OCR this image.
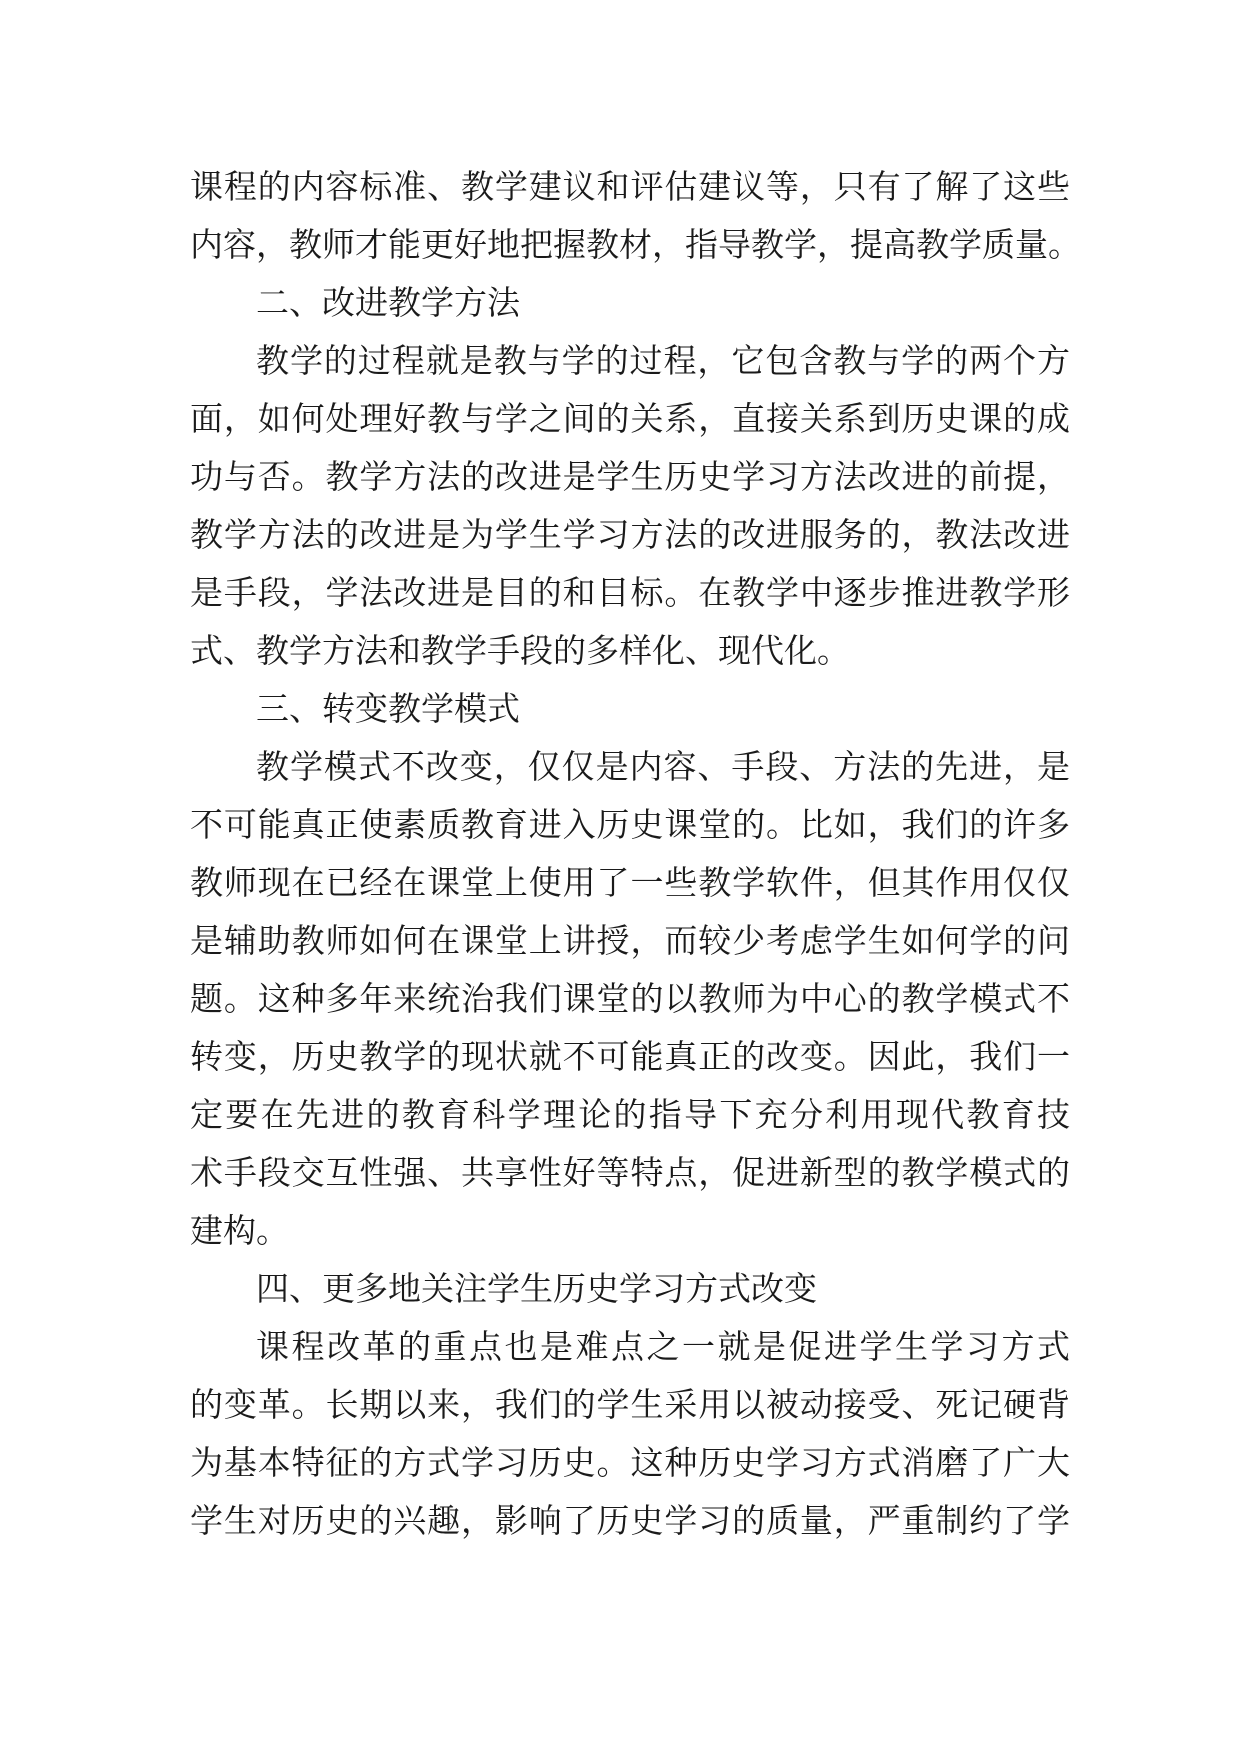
课程的内容标准、教学建议和评估建议等，只有了解了这些
内容，教师才能更好地把握教材，指导教学，提高教学质量。
二、改进教学方法
教学的过程就是教与学的过程，它包含教与学的两个方
面，如何处理好教与学之间的关系，直接关系到历史课的成
功与否。教学方法的改进是学生历史学习方法改进的前提，
教学方法的改进是为学生学习方法的改进服务的，教法改进
是手段，学法改进是目的和目标。在教学中逐步推进教学形
式、教学方法和教学手段的多样化、现代化。
三、转变教学模式
教学模式不改变，仅仅是内容、手段、方法的先进，是
不可能真正使素质教育进入历史课堂的。比如，我们的许多
教师现在已经在课堂上使用了一些教学软件，但其作用仅仅
是辅助教师如何在课堂上讲授，而较少考虑学生如何学的问
题。这种多年来统治我们课堂的以教师为中心的教学模式不
转变，历史教学的现状就不可能真正的改变。因此，我们一
定要在先进的教育科学理论的指导下充分利用现代教育技
术手段交互性强、共享性好等特点，促进新型的教学模式的
建构。
四、更多地关注学生历史学习方式改变
课程改革的重点也是难点之一就是促进学生学习方式
的变革。长期以来，我们的学生采用以被动接受、死记硬背
为基本特征的方式学习历史。这种历史学习方式消磨了广大
学生对历史的兴趣，影响了历史学习的质量，严重制约了学
